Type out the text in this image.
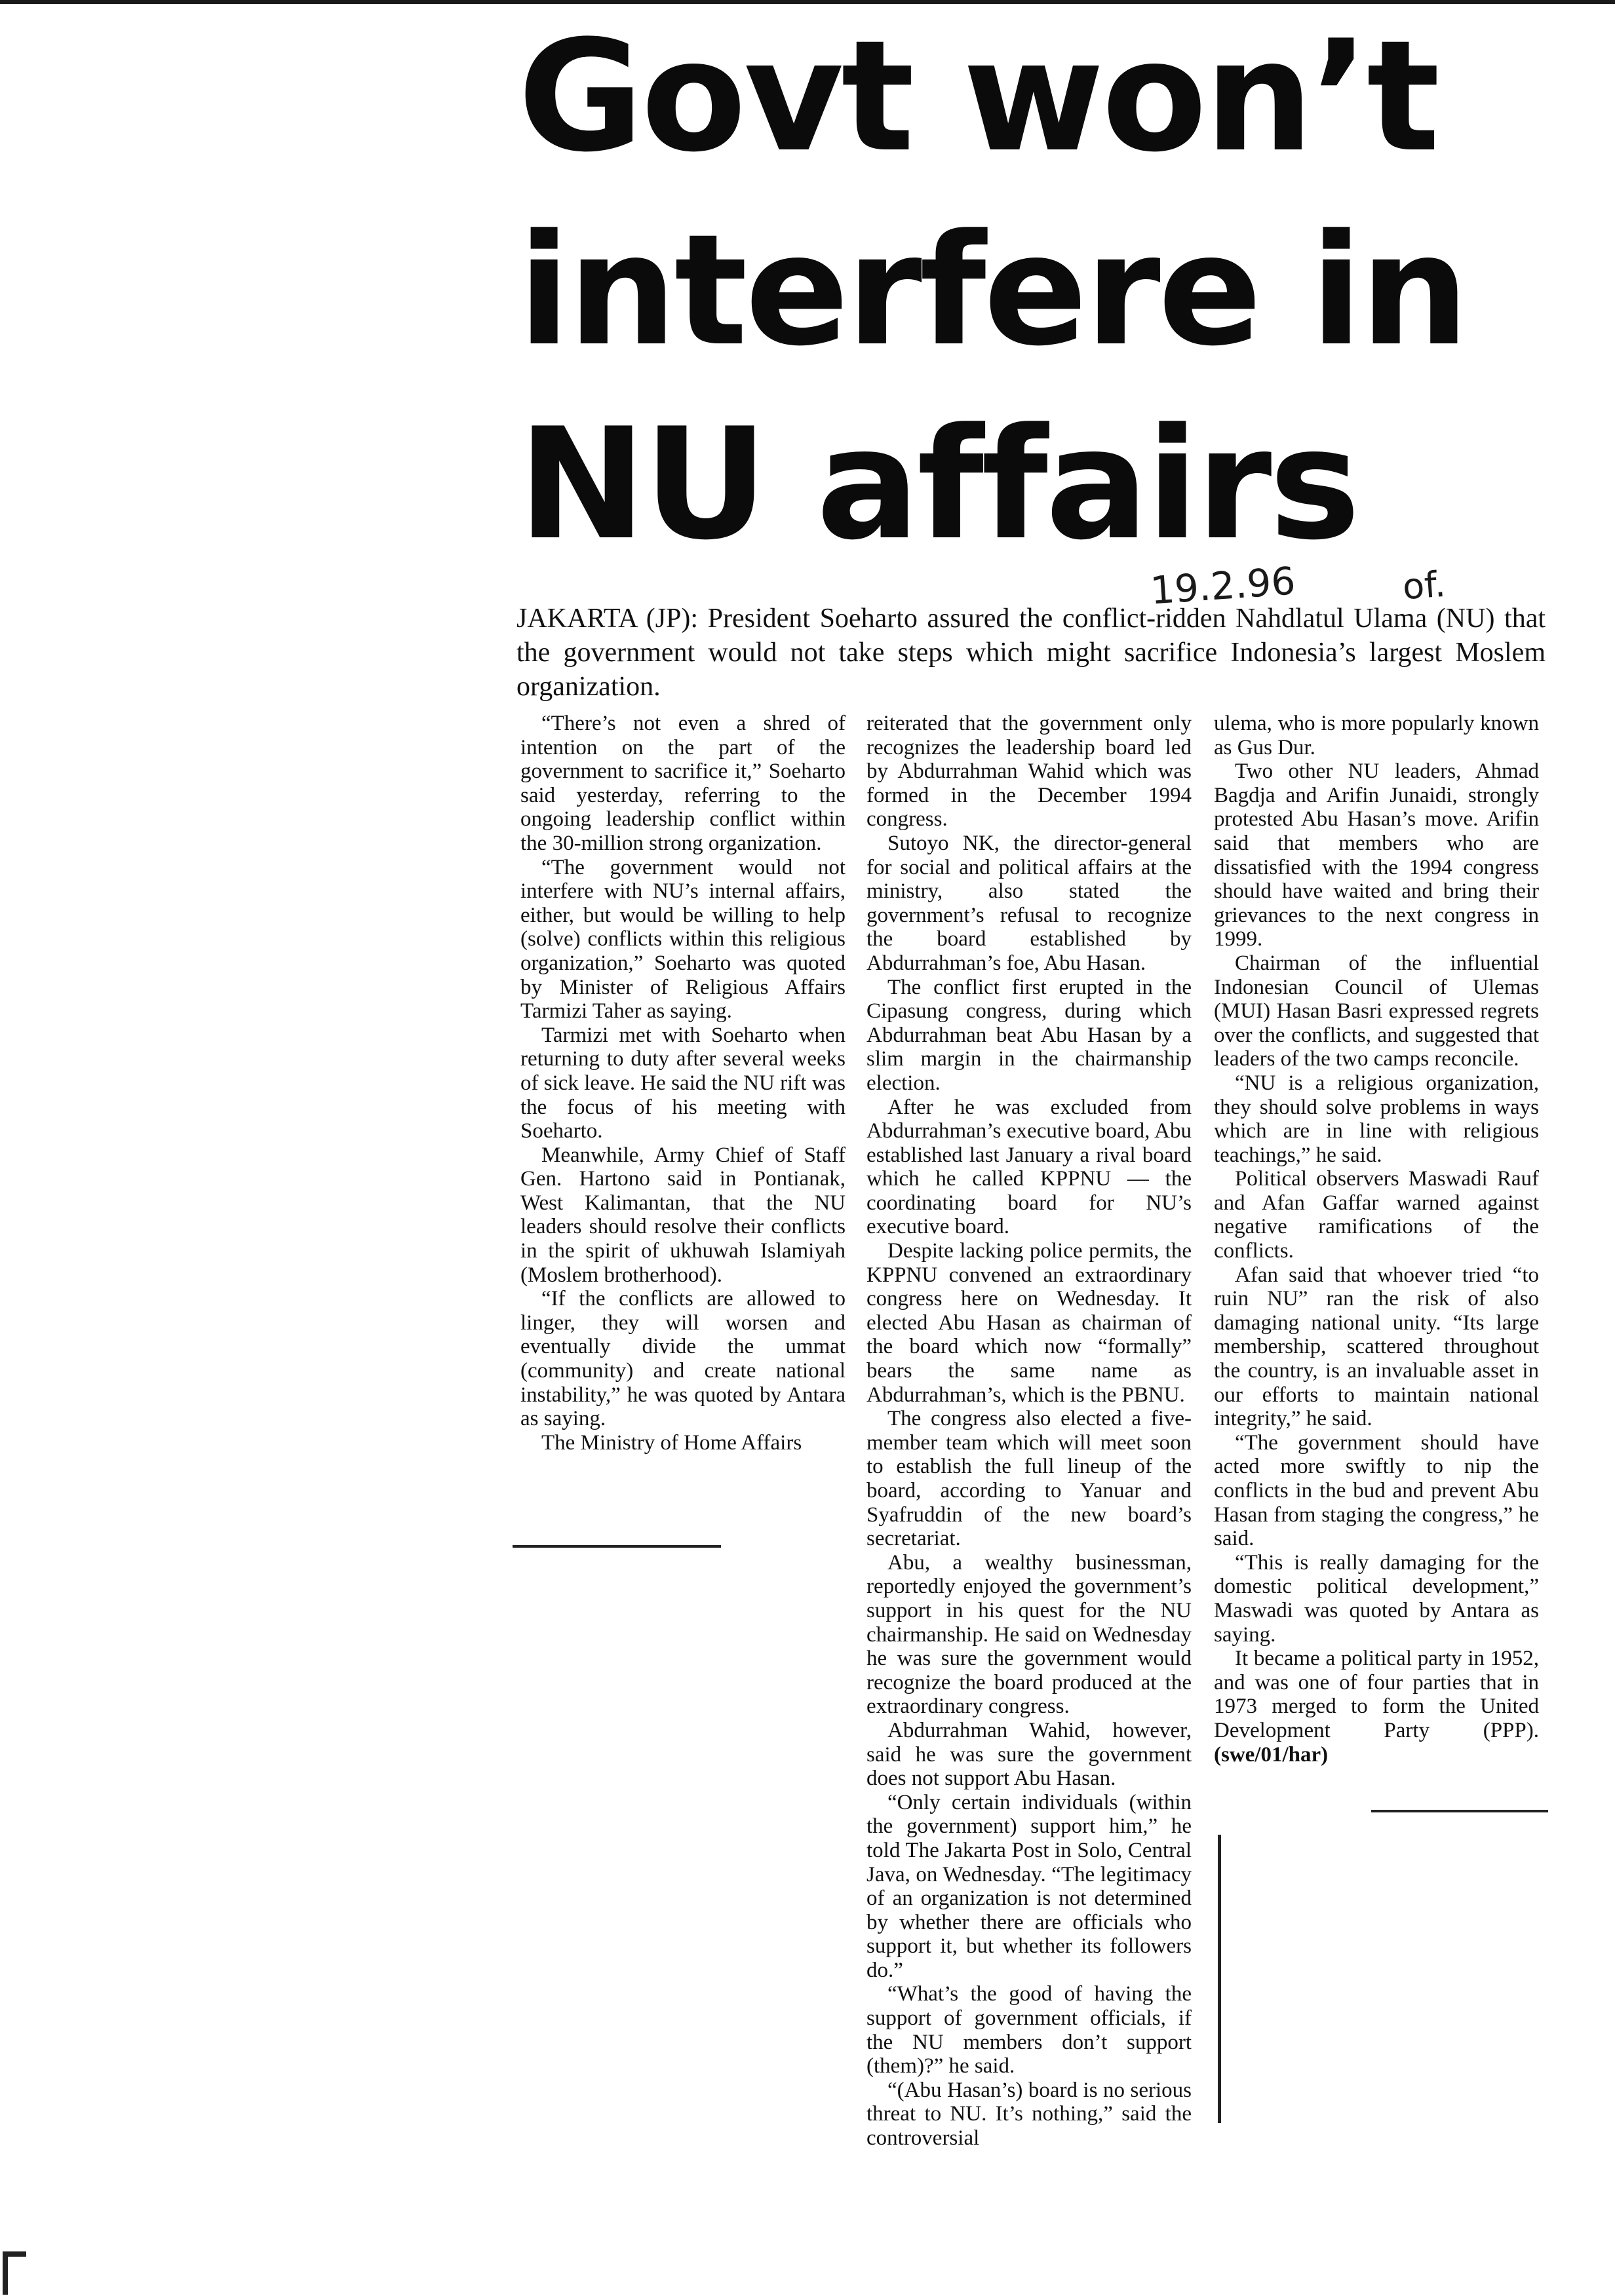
Govt won’t
interfere in
NU affairs
19.2.96	of.

JAKARTA (JP): President Soeharto assured the conflict-ridden Nahdlatul Ulama (NU) that the government would not take steps which might sacrifice Indonesia’s largest Moslem organization.

“There’s not even a shred of intention on the part of the government to sacrifice it,” Soeharto said yesterday, referring to the ongoing leadership conflict within the 30-million strong organization.

“The government would not interfere with NU’s internal affairs, either, but would be willing to help (solve) conflicts within this religious organization,” Soeharto was quoted by Minister of Religious Affairs Tarmizi Taher as saying.

Tarmizi met with Soeharto when returning to duty after several weeks of sick leave. He said the NU rift was the focus of his meeting with Soeharto.

Meanwhile, Army Chief of Staff Gen. Hartono said in Pontianak, West Kalimantan, that the NU leaders should resolve their conflicts in the spirit of ukhuwah Islamiyah (Moslem brotherhood).

“If the conflicts are allowed to linger, they will worsen and eventually divide the ummat (community) and create national instability,” he was quoted by Antara as saying.

The Ministry of Home Affairs

reiterated that the government only recognizes the leadership board led by Abdurrahman Wahid which was formed in the December 1994 congress.

Sutoyo NK, the director-general for social and political affairs at the ministry, also stated the government’s refusal to recognize the board established by Abdurrahman’s foe, Abu Hasan.

The conflict first erupted in the Cipasung congress, during which Abdurrahman beat Abu Hasan by a slim margin in the chairmanship election.

After he was excluded from Abdurrahman’s executive board, Abu established last January a rival board which he called KPPNU — the coordinating board for NU’s executive board.

Despite lacking police permits, the KPPNU convened an extraordinary congress here on Wednesday. It elected Abu Hasan as chairman of the board which now “formally” bears the same name as Abdurrahman’s, which is the PBNU.

The congress also elected a five-member team which will meet soon to establish the full lineup of the board, according to Yanuar and Syafruddin of the new board’s secretariat.

Abu, a wealthy businessman, reportedly enjoyed the government’s support in his quest for the NU chairmanship. He said on Wednesday he was sure the government would recognize the board produced at the extraordinary congress.

Abdurrahman Wahid, however, said he was sure the government does not support Abu Hasan.

“Only certain individuals (within the government) support him,” he told The Jakarta Post in Solo, Central Java, on Wednesday. “The legitimacy of an organization is not determined by whether there are officials who support it, but whether its followers do.”

“What’s the good of having the support of government officials, if the NU members don’t support (them)?” he said.

“(Abu Hasan’s) board is no serious threat to NU. It’s nothing,” said the controversial

ulema, who is more popularly known as Gus Dur.

Two other NU leaders, Ahmad Bagdja and Arifin Junaidi, strongly protested Abu Hasan’s move. Arifin said that members who are dissatisfied with the 1994 congress should have waited and bring their grievances to the next congress in 1999.

Chairman of the influential Indonesian Council of Ulemas (MUI) Hasan Basri expressed regrets over the conflicts, and suggested that leaders of the two camps reconcile.

“NU is a religious organization, they should solve problems in ways which are in line with religious teachings,” he said.

Political observers Maswadi Rauf and Afan Gaffar warned against negative ramifications of the conflicts.

Afan said that whoever tried “to ruin NU” ran the risk of also damaging national unity. “Its large membership, scattered throughout the country, is an invaluable asset in our efforts to maintain national integrity,” he said.

“The government should have acted more swiftly to nip the conflicts in the bud and prevent Abu Hasan from staging the congress,” he said.

“This is really damaging for the domestic political development,” Maswadi was quoted by Antara as saying.

It became a political party in 1952, and was one of four parties that in 1973 merged to form the United Development Party (PPP). (swe/01/har)
